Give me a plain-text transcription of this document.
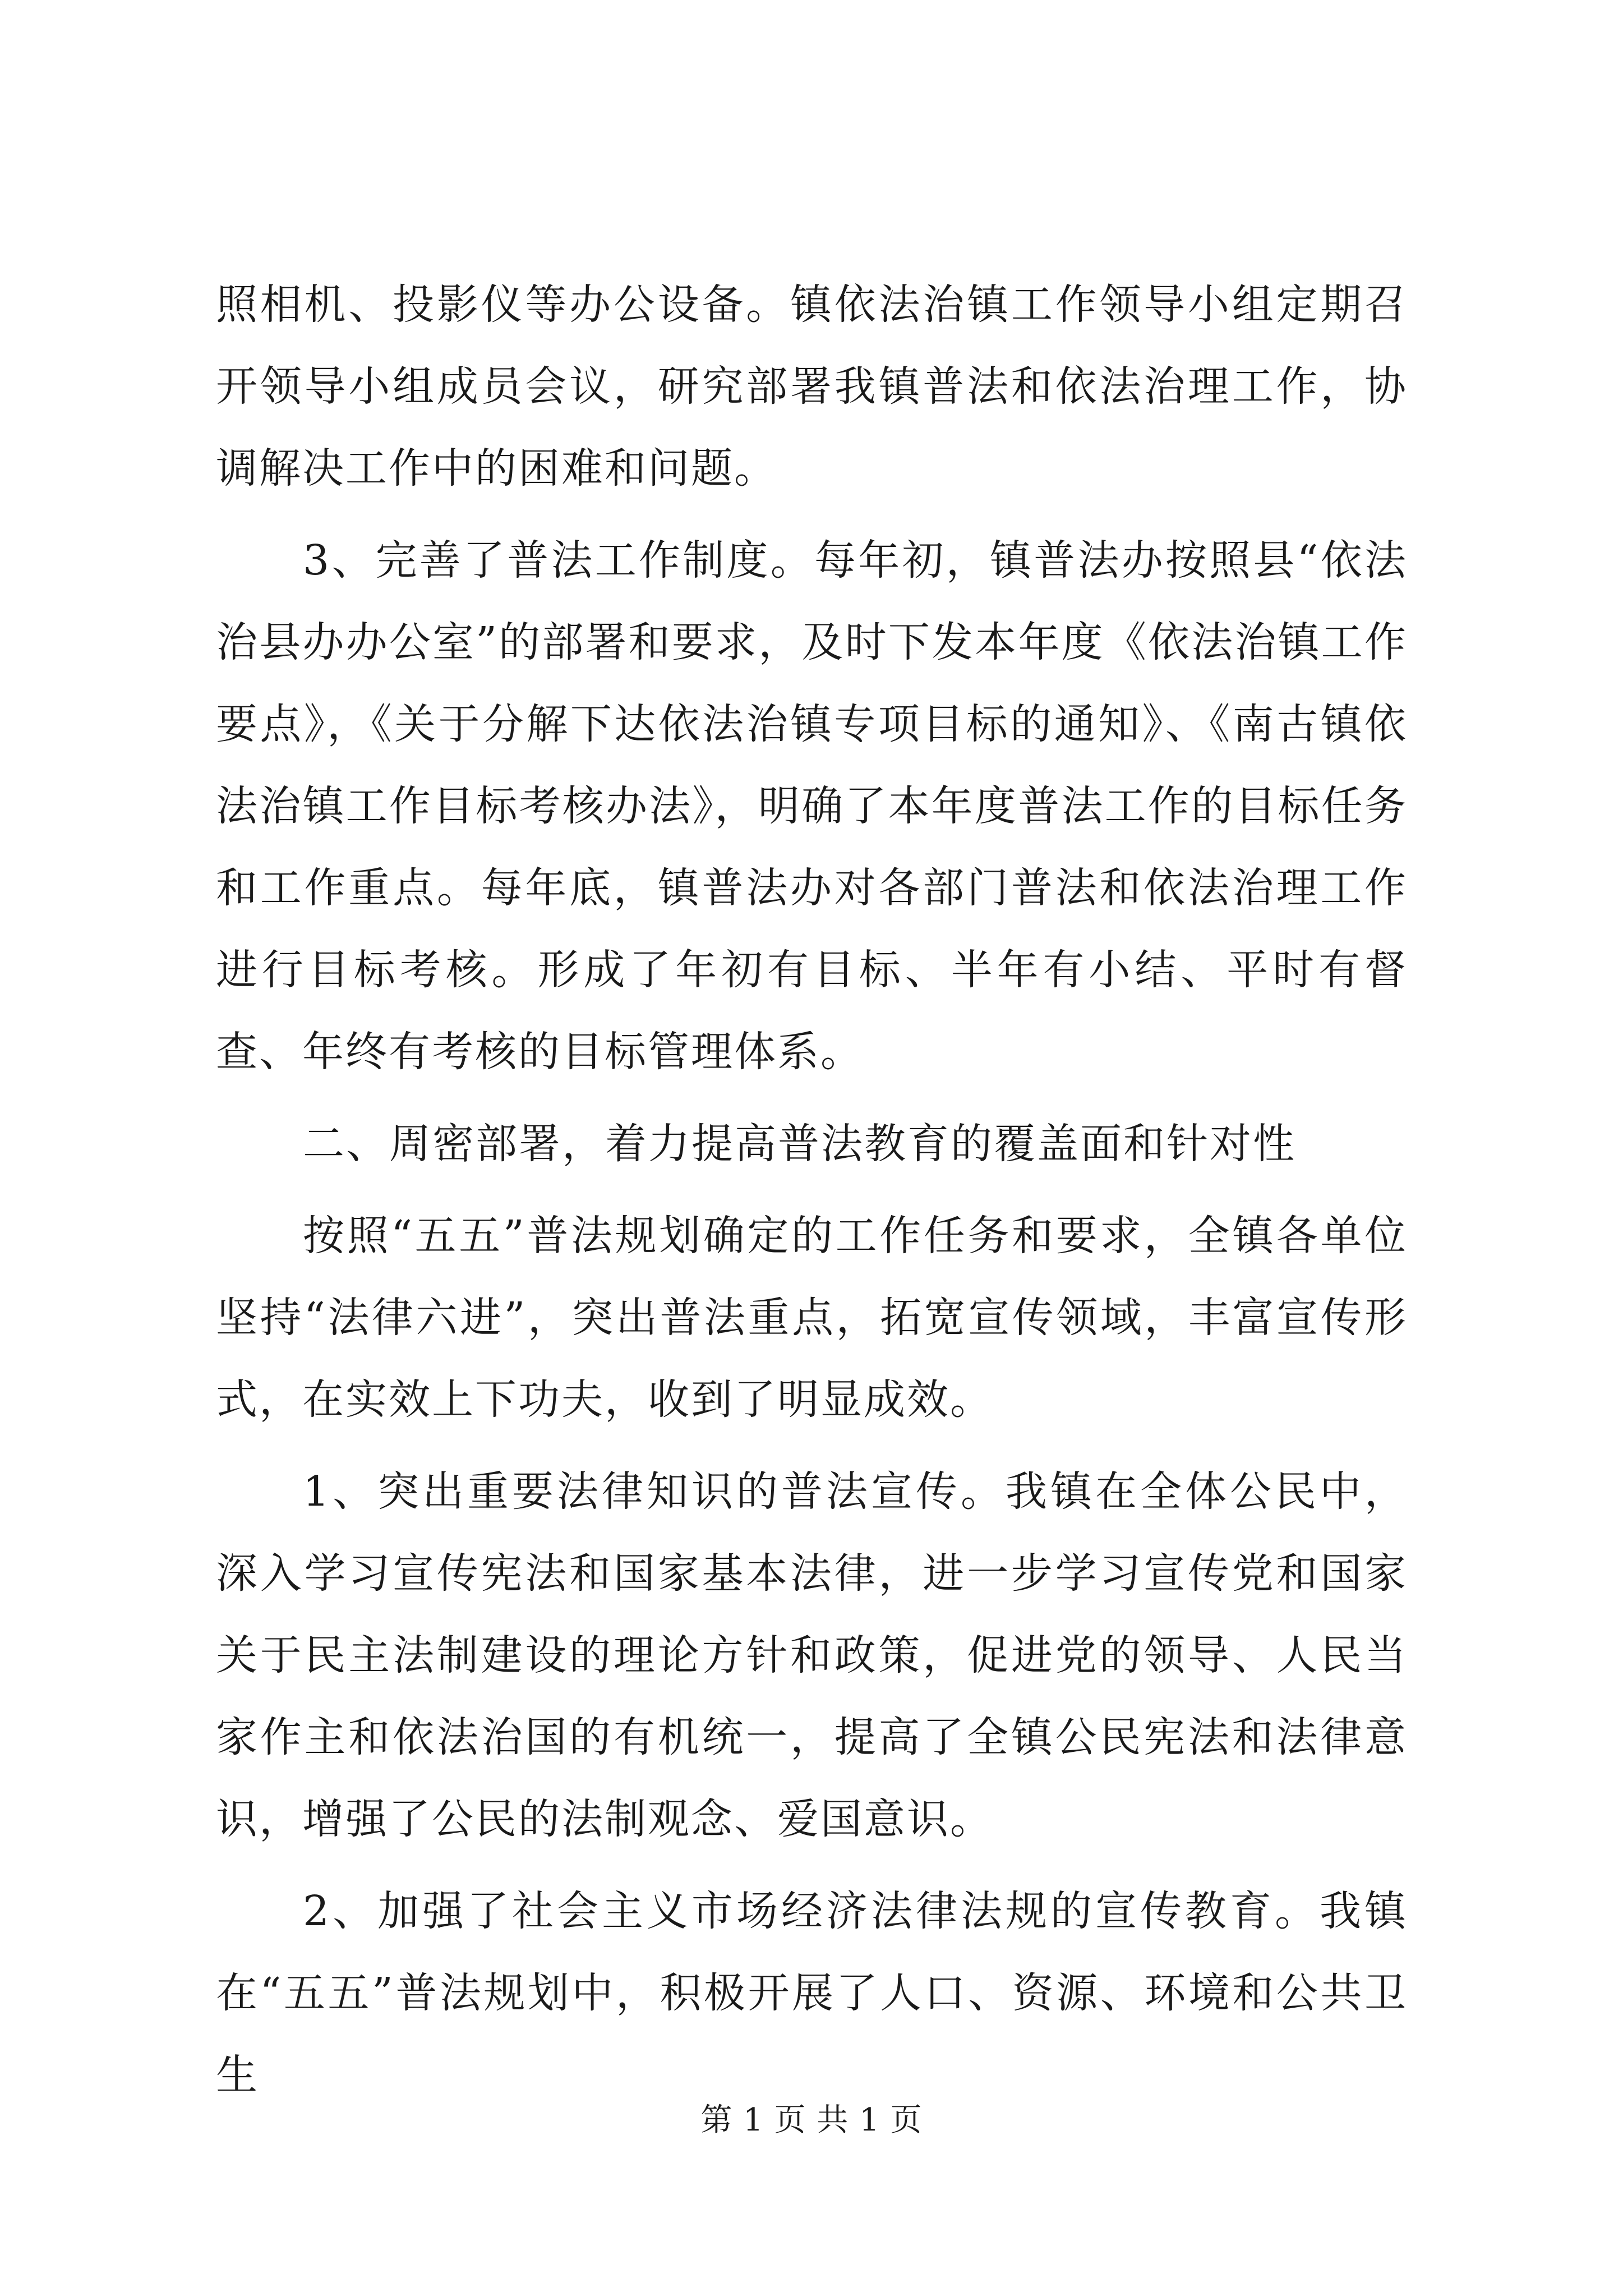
照相机、投影仪等办公设备。镇依法治镇工作领导小组定期召开领导小组成员会议，研究部署我镇普法和依法治理工作，协调解决工作中的困难和问题。

3、完善了普法工作制度。每年初，镇普法办按照县“依法治县办办公室”的部署和要求，及时下发本年度《依法治镇工作要点》，《关于分解下达依法治镇专项目标的通知》、《南古镇依法治镇工作目标考核办法》，明确了本年度普法工作的目标任务和工作重点。每年底，镇普法办对各部门普法和依法治理工作进行目标考核。形成了年初有目标、半年有小结、平时有督查、年终有考核的目标管理体系。

二、周密部署，着力提高普法教育的覆盖面和针对性

按照“五五”普法规划确定的工作任务和要求，全镇各单位坚持“法律六进”，突出普法重点，拓宽宣传领域，丰富宣传形式，在实效上下功夫，收到了明显成效。

1、突出重要法律知识的普法宣传。我镇在全体公民中，深入学习宣传宪法和国家基本法律，进一步学习宣传党和国家关于民主法制建设的理论方针和政策，促进党的领导、人民当家作主和依法治国的有机统一，提高了全镇公民宪法和法律意识，增强了公民的法制观念、爱国意识。

2、加强了社会主义市场经济法律法规的宣传教育。我镇在“五五”普法规划中，积极开展了人口、资源、环境和公共卫生

第 1 页 共 1 页
